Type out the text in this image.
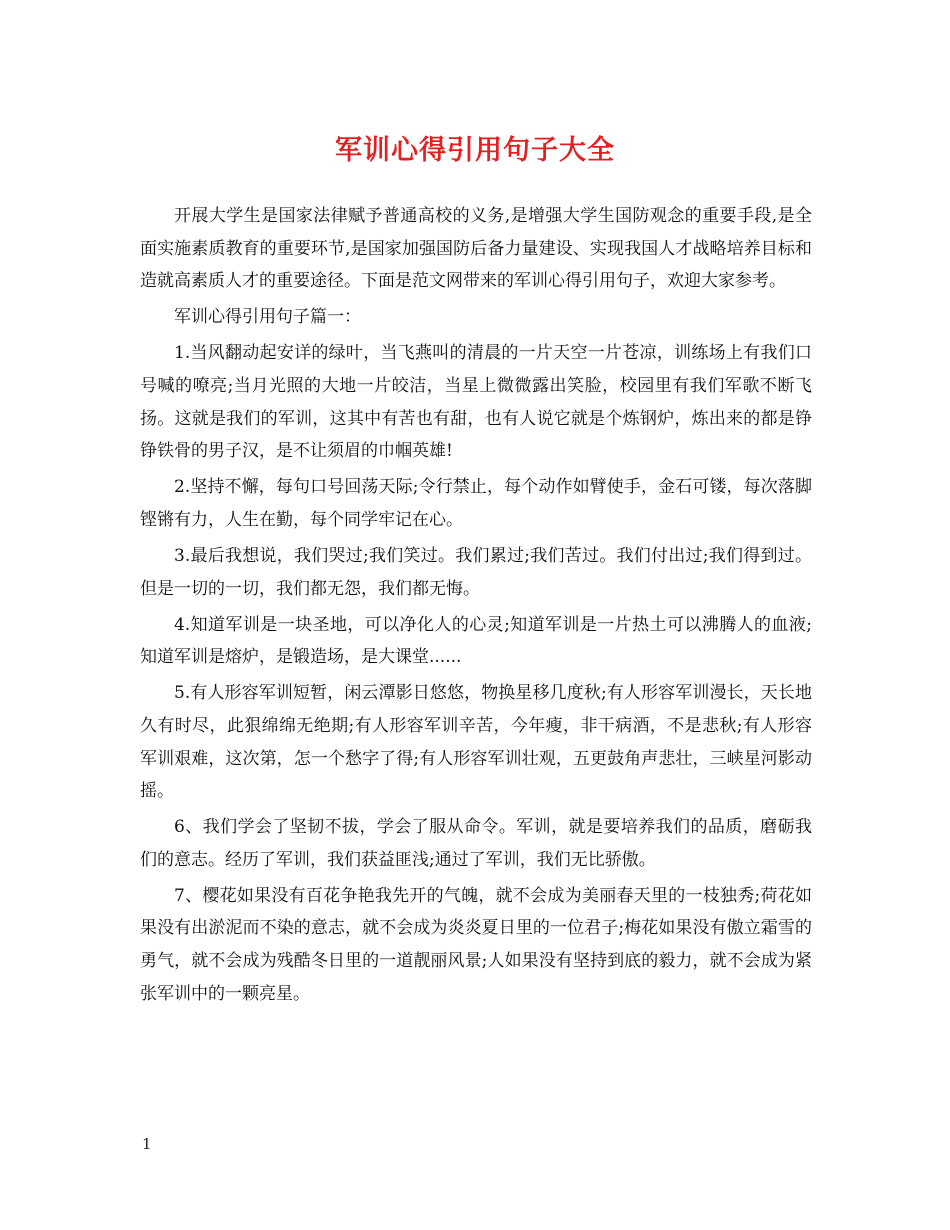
军训心得引用句子大全

开展大学生是国家法律赋予普通高校的义务,是增强大学生国防观念的重要手段,是全面实施素质教育的重要环节,是国家加强国防后备力量建设、实现我国人才战略培养目标和造就高素质人才的重要途径。下面是范文网带来的军训心得引用句子，欢迎大家参考。

军训心得引用句子篇一：

1.当风翻动起安详的绿叶，当飞燕叫的清晨的一片天空一片苍凉，训练场上有我们口号喊的嘹亮;当月光照的大地一片皎洁，当星上微微露出笑脸，校园里有我们军歌不断飞扬。这就是我们的军训，这其中有苦也有甜，也有人说它就是个炼钢炉，炼出来的都是铮铮铁骨的男子汉，是不让须眉的巾帼英雄!

2.坚持不懈，每句口号回荡天际;令行禁止，每个动作如臂使手，金石可镂，每次落脚铿锵有力，人生在勤，每个同学牢记在心。

3.最后我想说，我们哭过;我们笑过。我们累过;我们苦过。我们付出过;我们得到过。但是一切的一切，我们都无怨，我们都无悔。

4.知道军训是一块圣地，可以净化人的心灵;知道军训是一片热土可以沸腾人的血液;知道军训是熔炉，是锻造场，是大课堂......

5.有人形容军训短暂，闲云潭影日悠悠，物换星移几度秋;有人形容军训漫长，天长地久有时尽，此狠绵绵无绝期;有人形容军训辛苦，今年瘦，非干病酒，不是悲秋;有人形容军训艰难，这次第，怎一个愁字了得;有人形容军训壮观，五更鼓角声悲壮，三峡星河影动摇。

6、我们学会了坚韧不拔，学会了服从命令。军训，就是要培养我们的品质，磨砺我们的意志。经历了军训，我们获益匪浅;通过了军训，我们无比骄傲。

7、樱花如果没有百花争艳我先开的气魄，就不会成为美丽春天里的一枝独秀;荷花如果没有出淤泥而不染的意志，就不会成为炎炎夏日里的一位君子;梅花如果没有傲立霜雪的勇气，就不会成为残酷冬日里的一道靓丽风景;人如果没有坚持到底的毅力，就不会成为紧张军训中的一颗亮星。

1
